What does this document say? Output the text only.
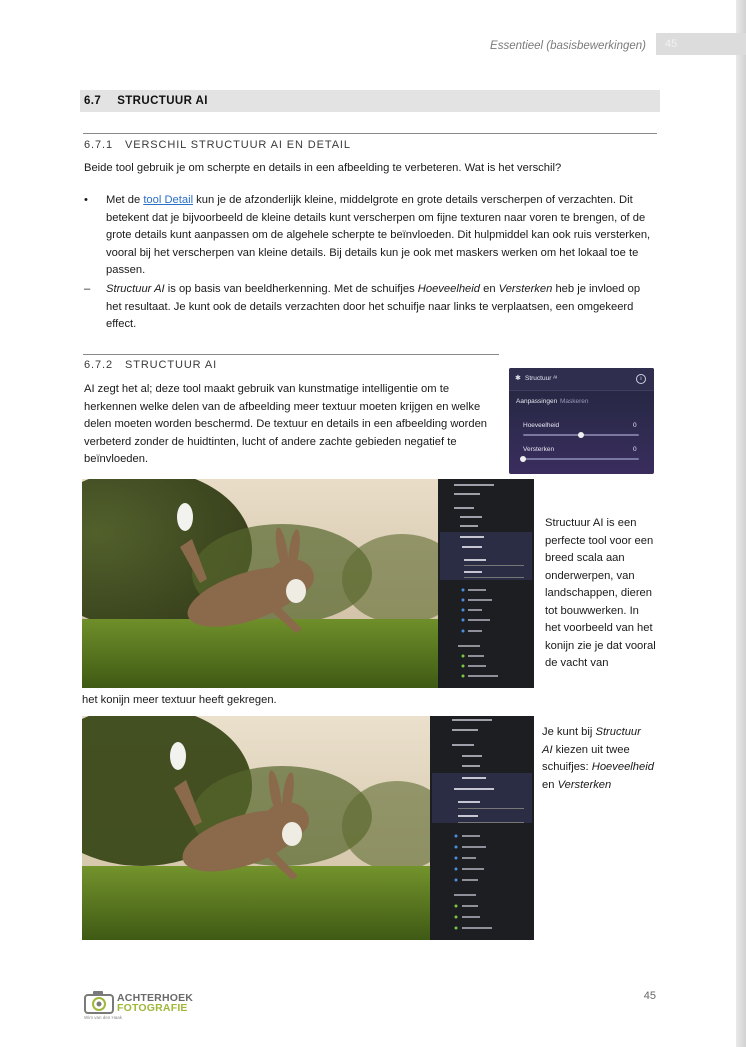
Essentieel (basisbewerkingen)	45
6.7 STRUCTUUR AI
6.7.1 VERSCHIL STRUCTUUR AI EN DETAIL
Beide tool gebruik je om scherpte en details in een afbeelding te verbeteren. Wat is het verschil?
•	Met de tool Detail kun je de afzonderlijk kleine, middelgrote en grote details verscherpen of verzachten. Dit betekent dat je bijvoorbeeld de kleine details kunt verscherpen om fijne texturen naar voren te brengen, of de grote details kunt aanpassen om de algehele scherpte te beïnvloeden. Dit hulpmiddel kan ook ruis versterken, vooral bij het verscherpen van kleine details. Bij details kun je ook met maskers werken om het lokaal toe te passen.
–	Structuur AI is op basis van beeldherkenning. Met de schuifjes Hoeveelheid en Versterken heb je invloed op het resultaat. Je kunt ook de details verzachten door het schuifje naar links te verplaatsen, een omgekeerd effect.
6.7.2 STRUCTUUR AI
AI zegt het al; deze tool maakt gebruik van kunstmatige intelligentie om te herkennen welke delen van de afbeelding meer textuur moeten krijgen en welke delen moeten worden beschermd. De textuur en details in een afbeelding worden verbeterd zonder de huidtinten, lucht of andere zachte gebieden negatief te beïnvloeden.
✱ Structuur ᴬᴵ	i
Aanpassingen Maskeren
Hoeveelheid	0
Versterken	0
Structuur AI is een perfecte tool voor een breed scala aan onderwerpen, van landschappen, dieren tot bouwwerken. In het voorbeeld van het konijn zie je dat vooral de vacht van
het konijn meer textuur heeft gekregen.
Je kunt bij Structuur AI kiezen uit twee schuifjes: Hoeveelheid en Versterken
ACHTERHOEK
FOTOGRAFIE
Wim van den Haak
45
